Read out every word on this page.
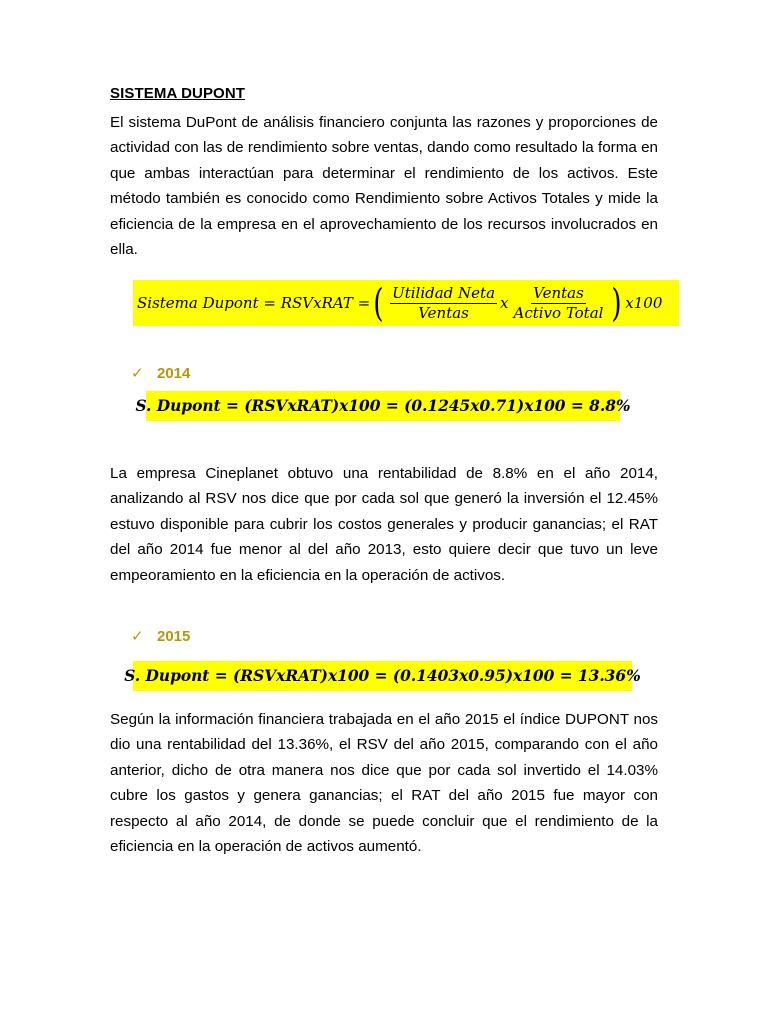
SISTEMA DUPONT

El sistema DuPont de análisis financiero conjunta las razones y proporciones de actividad con las de rendimiento sobre ventas, dando como resultado la forma en que ambas interactúan para determinar el rendimiento de los activos. Este método también es conocido como Rendimiento sobre Activos Totales y mide la eficiencia de la empresa en el aprovechamiento de los recursos involucrados en ella.

Sistema Dupont = RSVxRAT = ( $\frac{\text{Utilidad Neta}}{\text{Ventas}}$ x $\frac{\text{Ventas}}{\text{Activo Total}}$ ) x100
✓ 2014
S. Dupont = (RSVxRAT)x100 = (0.1245x0.71)x100 = 8.8%

La empresa Cineplanet obtuvo una rentabilidad de 8.8% en el año 2014, analizando al RSV nos dice que por cada sol que generó la inversión el 12.45% estuvo disponible para cubrir los costos generales y producir ganancias; el RAT del año 2014 fue menor al del año 2013, esto quiere decir que tuvo un leve empeoramiento en la eficiencia en la operación de activos.

✓ 2015
S. Dupont = (RSVxRAT)x100 = (0.1403x0.95)x100 = 13.36%

Según la información financiera trabajada en el año 2015 el índice DUPONT nos dio una rentabilidad del 13.36%, el RSV del año 2015, comparando con el año anterior, dicho de otra manera nos dice que por cada sol invertido el 14.03% cubre los gastos y genera ganancias; el RAT del año 2015 fue mayor con respecto al año 2014, de donde se puede concluir que el rendimiento de la eficiencia en la operación de activos aumentó.
